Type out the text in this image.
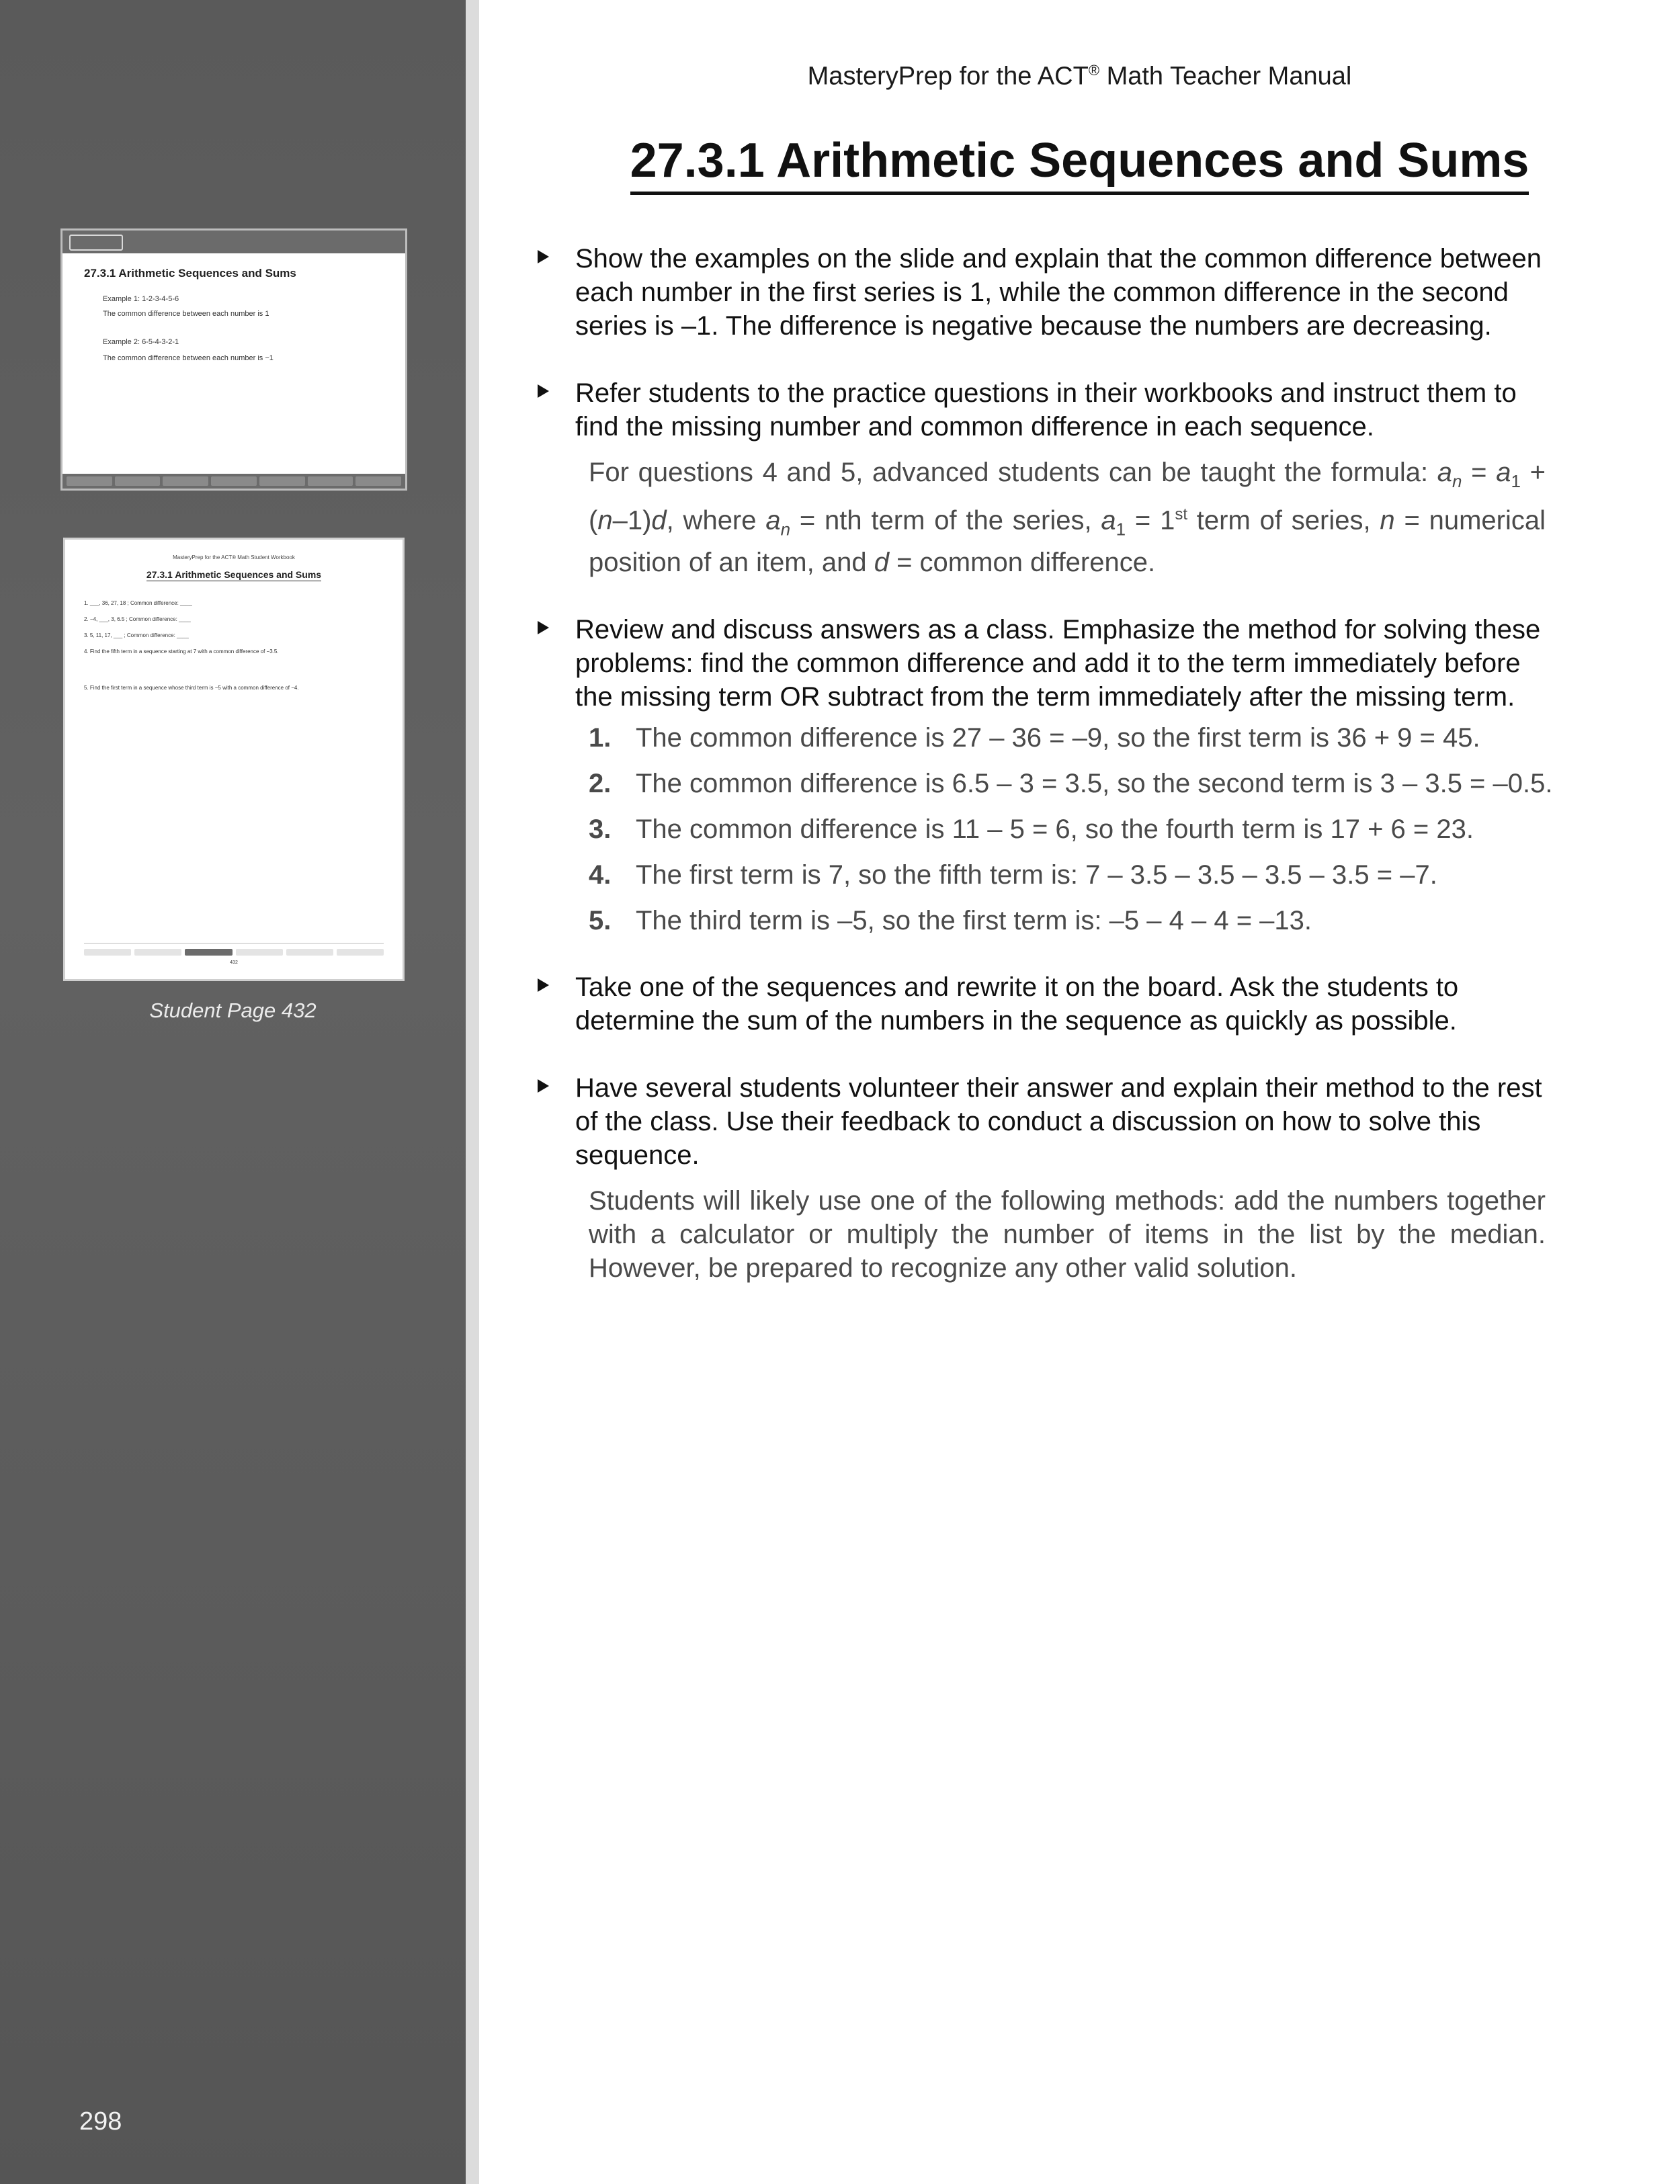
27.3.1 Arithmetic Sequences and Sums
Example 1: 1-2-3-4-5-6
The common difference between each number is 1
Example 2: 6-5-4-3-2-1
The common difference between each number is −1
MasteryPrep for the ACT® Math Student Workbook
27.3.1 Arithmetic Sequences and Sums
1. ___, 36, 27, 18 ; Common difference: ____
2. −4, ___, 3, 6.5 ; Common difference: ____
3. 5, 11, 17, ___ ; Common difference: ____
4. Find the fifth term in a sequence starting at 7 with a common difference of −3.5.
5. Find the first term in a sequence whose third term is −5 with a common difference of −4.
432
Student Page 432
298
MasteryPrep for the ACT® Math Teacher Manual
27.3.1 Arithmetic Sequences and Sums
Show the examples on the slide and explain that the common difference between each number in the first series is 1, while the common difference in the second series is –1. The difference is negative because the numbers are decreasing.
Refer students to the practice questions in their workbooks and instruct them to find the missing number and common difference in each sequence.
For questions 4 and 5, advanced students can be taught the formula: $a_n = a_1 + (n-1)d$, where $a_n$ = nth term of the series, $a_1 = 1st$ term of series, n = numerical position of an item, and d = common difference.
Review and discuss answers as a class. Emphasize the method for solving these problems: find the common difference and add it to the term immediately before the missing term OR subtract from the term immediately after the missing term.
1. The common difference is 27 – 36 = –9, so the first term is 36 + 9 = 45.
2. The common difference is 6.5 – 3 = 3.5, so the second term is 3 – 3.5 = –0.5.
3. The common difference is 11 – 5 = 6, so the fourth term is 17 + 6 = 23.
4. The first term is 7, so the fifth term is: 7 – 3.5 – 3.5 – 3.5 – 3.5 = –7.
5. The third term is –5, so the first term is: –5 – 4 – 4 = –13.
Take one of the sequences and rewrite it on the board. Ask the students to determine the sum of the numbers in the sequence as quickly as possible.
Have several students volunteer their answer and explain their method to the rest of the class. Use their feedback to conduct a discussion on how to solve this sequence.
Students will likely use one of the following methods: add the numbers together with a calculator or multiply the number of items in the list by the median. However, be prepared to recognize any other valid solution.
